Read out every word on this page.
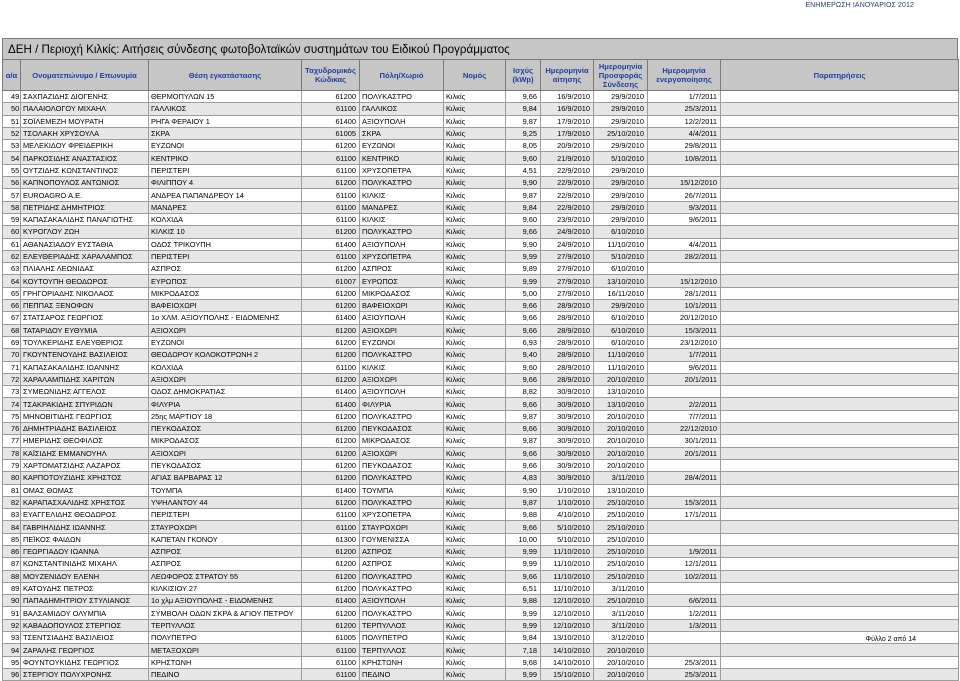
ΕΝΗΜΕΡΩΣΗ ΙΑΝΟΥΑΡΙΟΣ 2012
ΔΕΗ / Περιοχή Κιλκίς: Αιτήσεις σύνδεσης φωτοβολταϊκών συστημάτων του Ειδικού Προγράμματος
α/α	Ονοματεπώνυμο / Επωνυμία	Θέση εγκατάστασης	Ταχυδρομικός Κώδικας	Πόλη/Χωριό	Νομός	Ισχύς (kWp)	Ημερομηνία αίτησης	Ημερομηνία Προσφοράς Σύνδεσης	Ημερομηνία ενεργοποίησης	Παρατηρήσεις
49	ΣΑΧΠΑΖΙΔΗΣ ΔΙΟΓΕΝΗΣ	ΘΕΡΜΟΠΥΛΩΝ 15	61200	ΠΟΛΥΚΑΣΤΡΟ	Κιλκίς	9,66	16/9/2010	29/9/2010	1/7/2011	
50	ΠΑΛΑΙΟΛΟΓΟΥ ΜΙΧΑΗΛ	ΓΑΛΛΙΚΟΣ	61100	ΓΑΛΛΙΚΟΣ	Κιλκίς	9,84	16/9/2010	29/9/2010	25/3/2011	
51	ΣΟΪΛΕΜΕΖΗ ΜΟΥΡΑΤΗ	ΡΗΓΑ ΦΕΡΑΙΟΥ 1	61400	ΑΞΙΟΥΠΟΛΗ	Κιλκίς	9,87	17/9/2010	29/9/2010	12/2/2011	
52	ΤΣΟΛΑΚΗ ΧΡΥΣΟΥΛΑ	ΣΚΡΑ	61005	ΣΚΡΑ	Κιλκίς	9,25	17/9/2010	25/10/2010	4/4/2011	
53	ΜΕΛΕΚΙΔΟΥ ΦΡΕΙΔΕΡΙΚΗ	ΕΥΖΩΝΟΙ	61200	ΕΥΖΩΝΟΙ	Κιλκίς	8,05	20/9/2010	29/9/2010	29/8/2011	
54	ΠΑΡΚΟΣΙΔΗΣ ΑΝΑΣΤΑΣΙΟΣ	ΚΕΝΤΡΙΚΟ	61100	ΚΕΝΤΡΙΚΟ	Κιλκίς	9,60	21/9/2010	5/10/2010	10/8/2011	
55	ΟΥΤΖΙΔΗΣ ΚΩΝΣΤΑΝΤΙΝΟΣ	ΠΕΡΙΣΤΕΡΙ	61100	ΧΡΥΣΟΠΕΤΡΑ	Κιλκίς	4,51	22/9/2010	29/9/2010		
56	ΚΑΠΝΟΠΟΥΛΟΣ ΑΝΤΩΝΙΟΣ	ΦΙΛΙΠΠΟΥ 4	61200	ΠΟΛΥΚΑΣΤΡΟ	Κιλκίς	9,90	22/9/2010	29/9/2010	15/12/2010	
57	EUROAGRO Α.Ε.	ΑΝΔΡΕΑ ΠΑΠΑΝΔΡΕΟΥ 14	61100	ΚΙΛΚΙΣ	Κιλκίς	9,87	22/9/2010	29/9/2010	26/7/2011	
58	ΠΕΤΡΙΔΗΣ ΔΗΜΗΤΡΙΟΣ	ΜΑΝΔΡΕΣ	61100	ΜΑΝΔΡΕΣ	Κιλκίς	9,84	22/9/2010	29/9/2010	9/3/2011	
59	ΚΑΠΑΣΑΚΑΛΙΔΗΣ ΠΑΝΑΓΙΩΤΗΣ	ΚΟΛΧΙΔΑ	61100	ΚΙΛΚΙΣ	Κιλκίς	9,60	23/9/2010	29/9/2010	9/6/2011	
60	ΚΥΡΟΓΛΟΥ ΖΩΗ	ΚΙΛΚΙΣ 10	61200	ΠΟΛΥΚΑΣΤΡΟ	Κιλκίς	9,66	24/9/2010	6/10/2010		
61	ΑΘΑΝΑΣΙΑΔΟΥ ΕΥΣΤΑΘΙΑ	ΟΔΟΣ ΤΡΙΚΟΥΠΗ	61400	ΑΞΙΟΥΠΟΛΗ	Κιλκίς	9,90	24/9/2010	11/10/2010	4/4/2011	
62	ΕΛΕΥΘΕΡΙΑΔΗΣ ΧΑΡΑΛΑΜΠΟΣ	ΠΕΡΙΣΤΕΡΙ	61100	ΧΡΥΣΟΠΕΤΡΑ	Κιλκίς	9,99	27/9/2010	5/10/2010	28/2/2011	
63	ΠΛΙΑΛΗΣ ΛΕΩΝΙΔΑΣ	ΑΣΠΡΟΣ	61200	ΑΣΠΡΟΣ	Κιλκίς	9,89	27/9/2010	6/10/2010		
64	ΚΟΥΤΟΥΠΗ ΘΕΟΔΩΡΟΣ	ΕΥΡΩΠΟΣ	61007	ΕΥΡΩΠΟΣ	Κιλκίς	9,99	27/9/2010	13/10/2010	15/12/2010	
65	ΓΡΗΓΟΡΙΑΔΗΣ ΝΙΚΟΛΑΟΣ	ΜΙΚΡΟΔΑΣΟΣ	61200	ΜΙΚΡΟΔΑΣΟΣ	Κιλκίς	5,00	27/9/2010	16/11/2010	28/1/2011	
66	ΠΕΠΠΑΣ ΞΕΝΟΦΩΝ	ΒΑΦΕΙΟΧΩΡΙ	61200	ΒΑΦΕΙΟΧΩΡΙ	Κιλκίς	9,66	28/9/2010	29/9/2010	10/1/2011	
67	ΣΤΑΤΣΑΡΟΣ ΓΕΩΡΓΙΟΣ	1ο ΧΛΜ. ΑΞΙΟΥΠΟΛΗΣ - ΕΙΔΟΜΕΝΗΣ	61400	ΑΞΙΟΥΠΟΛΗ	Κιλκίς	9,66	28/9/2010	6/10/2010	20/12/2010	
68	ΤΑΤΑΡΙΔΟΥ ΕΥΘΥΜΙΑ	ΑΞΙΟΧΩΡΙ	61200	ΑΞΙΟΧΩΡΙ	Κιλκίς	9,66	28/9/2010	6/10/2010	15/3/2011	
69	ΤΟΥΛΚΕΡΙΔΗΣ ΕΛΕΥΘΕΡΙΟΣ	ΕΥΖΩΝΟΙ	61200	ΕΥΖΩΝΟΙ	Κιλκίς	6,93	28/9/2010	6/10/2010	23/12/2010	
70	ΓΚΟΥΝΤΕΝΟΥΔΗΣ ΒΑΣΙΛΕΙΟΣ	ΘΕΟΔΩΡΟΥ ΚΟΛΟΚΟΤΡΩΝΗ 2	61200	ΠΟΛΥΚΑΣΤΡΟ	Κιλκίς	9,40	28/9/2010	11/10/2010	1/7/2011	
71	ΚΑΠΑΣΑΚΑΛΙΔΗΣ ΙΩΑΝΝΗΣ	ΚΟΛΧΙΔΑ	61100	ΚΙΛΚΙΣ	Κιλκίς	9,60	28/9/2010	11/10/2010	9/6/2011	
72	ΧΑΡΑΛΑΜΠΙΔΗΣ ΧΑΡΙΤΩΝ	ΑΞΙΟΧΩΡΙ	61200	ΑΞΙΟΧΩΡΙ	Κιλκίς	9,66	28/9/2010	20/10/2010	20/1/2011	
73	ΣΥΜΕΩΝΙΔΗΣ ΑΓΓΕΛΟΣ	ΟΔΟΣ ΔΗΜΟΚΡΑΤΙΑΣ	61400	ΑΞΙΟΥΠΟΛΗ	Κιλκίς	8,82	30/9/2010	13/10/2010		
74	ΤΣΑΚΡΑΚΙΔΗΣ ΣΠΥΡΙΔΩΝ	ΦΙΛΥΡΙΑ	61400	ΦΙΛΥΡΙΑ	Κιλκίς	9,66	30/9/2010	13/10/2010	2/2/2011	
75	ΜΗΝΟΒΙΤΙΔΗΣ ΓΕΩΡΓΙΟΣ	25ης ΜΑΡΤΙΟΥ 18	61200	ΠΟΛΥΚΑΣΤΡΟ	Κιλκίς	9,87	30/9/2010	20/10/2010	7/7/2011	
76	ΔΗΜΗΤΡΙΑΔΗΣ ΒΑΣΙΛΕΙΟΣ	ΠΕΥΚΟΔΑΣΟΣ	61200	ΠΕΥΚΟΔΑΣΟΣ	Κιλκίς	9,66	30/9/2010	20/10/2010	22/12/2010	
77	ΗΜΕΡΙΔΗΣ ΘΕΟΦΙΛΟΣ	ΜΙΚΡΟΔΑΣΟΣ	61200	ΜΙΚΡΟΔΑΣΟΣ	Κιλκίς	9,87	30/9/2010	20/10/2010	30/1/2011	
78	ΚΑΪΣΙΔΗΣ ΕΜΜΑΝΟΥΗΛ	ΑΞΙΟΧΩΡΙ	61200	ΑΞΙΟΧΩΡΙ	Κιλκίς	9,66	30/9/2010	20/10/2010	20/1/2011	
79	ΧΑΡΤΟΜΑΤΣΙΔΗΣ ΛΑΖΑΡΟΣ	ΠΕΥΚΟΔΑΣΟΣ	61200	ΠΕΥΚΟΔΑΣΟΣ	Κιλκίς	9,66	30/9/2010	20/10/2010		
80	ΚΑΡΠΟΤΟΥΖΙΔΗΣ ΧΡΗΣΤΟΣ	ΑΓΙΑΣ ΒΑΡΒΑΡΑΣ 12	61200	ΠΟΛΥΚΑΣΤΡΟ	Κιλκίς	4,83	30/9/2010	3/11/2010	28/4/2011	
81	ΟΜΑΣ ΘΩΜΑΣ	ΤΟΥΜΠΑ	61400	ΤΟΥΜΠΑ	Κιλκίς	9,90	1/10/2010	13/10/2010		
82	ΚΑΡΑΠΑΣΧΑΛΙΔΗΣ ΧΡΗΣΤΟΣ	ΥΨΗΛΑΝΤΟΥ 44	61200	ΠΟΛΥΚΑΣΤΡΟ	Κιλκίς	9,87	1/10/2010	25/10/2010	15/3/2011	
83	ΕΥΑΓΓΕΛΙΔΗΣ ΘΕΟΔΩΡΟΣ	ΠΕΡΙΣΤΕΡΙ	61100	ΧΡΥΣΟΠΕΤΡΑ	Κιλκίς	9,88	4/10/2010	25/10/2010	17/1/2011	
84	ΓΑΒΡΙΗΛΙΔΗΣ ΙΩΑΝΝΗΣ	ΣΤΑΥΡΟΧΩΡΙ	61100	ΣΤΑΥΡΟΧΩΡΙ	Κιλκίς	9,66	5/10/2010	25/10/2010		
85	ΠΕΪΚΟΣ ΦΑΙΔΩΝ	ΚΑΠΕΤΑΝ ΓΚΟΝΟΥ	61300	ΓΟΥΜΕΝΙΣΣΑ	Κιλκίς	10,00	5/10/2010	25/10/2010		
86	ΓΕΩΡΓΙΑΔΟΥ ΙΩΑΝΝΑ	ΑΣΠΡΟΣ	61200	ΑΣΠΡΟΣ	Κιλκίς	9,99	11/10/2010	25/10/2010	1/9/2011	
87	ΚΩΝΣΤΑΝΤΙΝΙΔΗΣ ΜΙΧΑΗΛ	ΑΣΠΡΟΣ	61200	ΑΣΠΡΟΣ	Κιλκίς	9,99	11/10/2010	25/10/2010	12/1/2011	
88	ΜΟΥΖΕΝΙΔΟΥ ΕΛΕΝΗ	ΛΕΩΦΟΡΟΣ ΣΤΡΑΤΟΥ 55	61200	ΠΟΛΥΚΑΣΤΡΟ	Κιλκίς	9,66	11/10/2010	25/10/2010	10/2/2011	
89	ΚΑΤΟΥΔΗΣ ΠΕΤΡΟΣ	ΚΙΛΚΙΣΙΟΥ 27	61200	ΠΟΛΥΚΑΣΤΡΟ	Κιλκίς	6,51	11/10/2010	3/11/2010		
90	ΠΑΠΑΔΗΜΗΤΡΙΟΥ ΣΤΥΛΙΑΝΟΣ	1ο χλμ ΑΞΙΟΥΠΟΛΗΣ - ΕΙΔΟΜΕΝΗΣ	61400	ΑΞΙΟΥΠΟΛΗ	Κιλκίς	9,88	12/10/2010	25/10/2010	6/6/2011	
91	ΒΑΛΣΑΜΙΔΟΥ ΟΛΥΜΠΙΑ	ΣΥΜΒΟΛΗ ΟΔΩΝ ΣΚΡΑ & ΑΓΙΟΥ ΠΕΤΡΟΥ	61200	ΠΟΛΥΚΑΣΤΡΟ	Κιλκίς	9,99	12/10/2010	3/11/2010	1/2/2011	
92	ΚΑΒΑΔΟΠΟΥΛΟΣ ΣΤΕΡΓΙΟΣ	ΤΕΡΠΥΛΛΟΣ	61200	ΤΕΡΠΥΛΛΟΣ	Κιλκίς	9,99	12/10/2010	3/11/2010	1/3/2011	
93	ΤΣΕΝΤΣΙΑΔΗΣ ΒΑΣΙΛΕΙΟΣ	ΠΟΛΥΠΕΤΡΟ	61005	ΠΟΛΥΠΕΤΡΟ	Κιλκίς	9,84	13/10/2010	3/12/2010		
94	ΖΑΡΑΛΗΣ ΓΕΩΡΓΙΟΣ	ΜΕΤΑΞΟΧΩΡΙ	61100	ΤΕΡΠΥΛΛΟΣ	Κιλκίς	7,18	14/10/2010	20/10/2010		
95	ΦΟΥΝΤΟΥΚΙΔΗΣ ΓΕΩΡΓΙΟΣ	ΚΡΗΣΤΩΝΗ	61100	ΚΡΗΣΤΩΝΗ	Κιλκίς	9,68	14/10/2010	20/10/2010	25/3/2011	
96	ΣΤΕΡΓΙΟΥ ΠΟΛΥΧΡΟΝΗΣ	ΠΕΔΙΝΟ	61100	ΠΕΔΙΝΟ	Κιλκίς	9,99	15/10/2010	20/10/2010	25/3/2011	
Φύλλο 2 από 14
